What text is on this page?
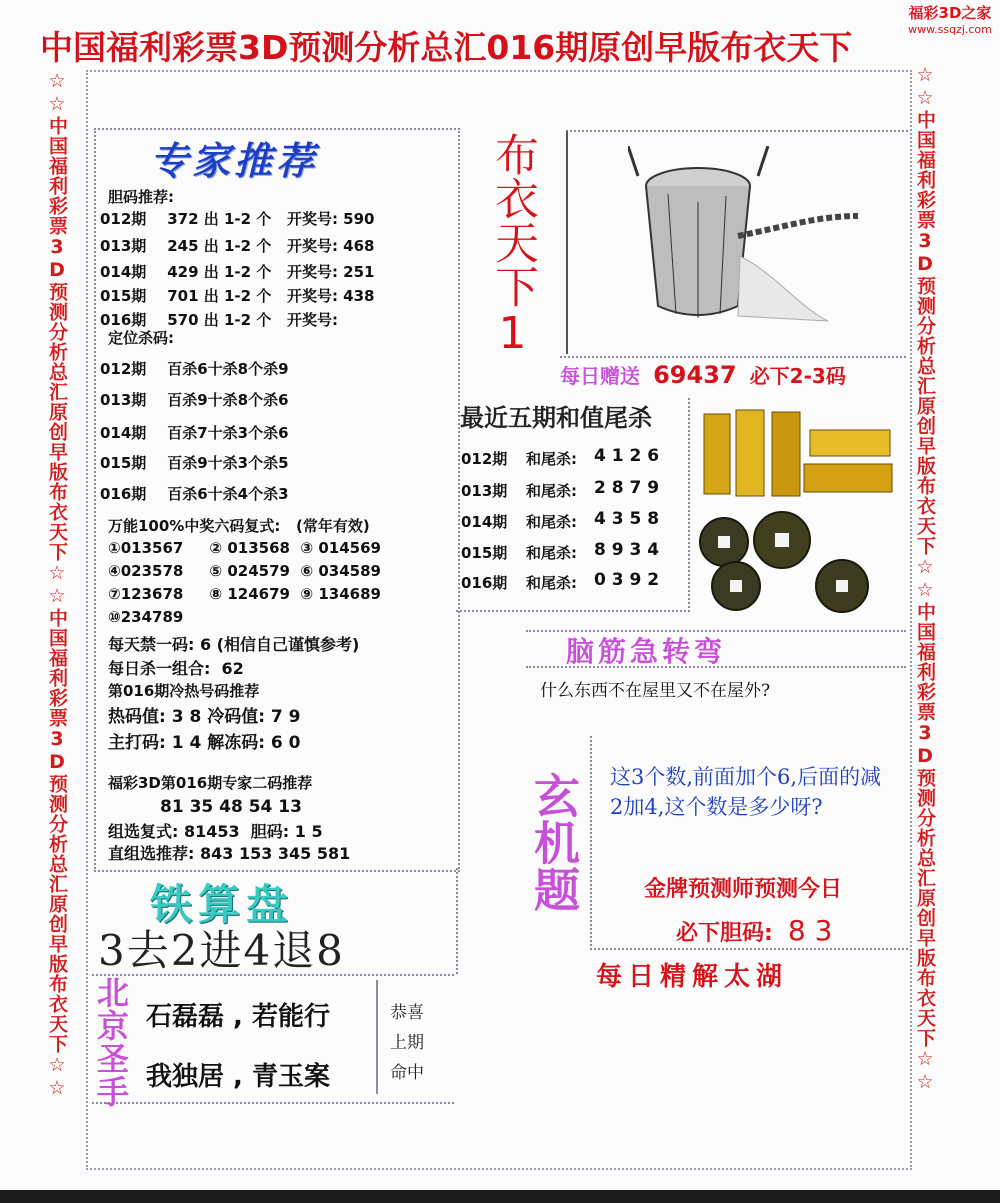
中国福利彩票3D预测分析总汇016期原创早版布衣天下
福彩3D之家
www.ssqzj.com
☆☆中国福利彩票3D预测分析总汇原创早版布衣天下☆☆中国福利彩票3D预测分析总汇原创早版布衣天下☆☆	☆☆中国福利彩票3D预测分析总汇原创早版布衣天下☆☆中国福利彩票3D预测分析总汇原创早版布衣天下☆☆
专家推荐
胆码推荐:
012期    372 出 1-2 个   开奖号: 590
013期    245 出 1-2 个   开奖号: 468
014期    429 出 1-2 个   开奖号: 251
015期    701 出 1-2 个   开奖号: 438
016期    570 出 1-2 个   开奖号:
定位杀码:
012期    百杀6十杀8个杀9
013期    百杀9十杀8个杀6
014期    百杀7十杀3个杀6
015期    百杀9十杀3个杀5
016期    百杀6十杀4个杀3
万能100%中奖六码复式:   (常年有效)
①013567     ② 013568  ③ 014569
④023578     ⑤ 024579  ⑥ 034589
⑦123678     ⑧ 124679  ⑨ 134689
⑩234789
每天禁一码: 6 (相信自己谨慎参考)
每日杀一组合:  62
第016期冷热号码推荐
热码值: 3 8 冷码值: 7 9
主打码: 1 4 解冻码: 6 0
福彩3D第016期专家二码推荐
81 35 48 54 13
组选复式: 81453  胆码: 1 5
直组选推荐: 843 153 345 581
布衣天下1
每日赠送 69437 必下2-3码
最近五期和值尾杀
012期 和尾杀: 4 1 2 6
013期 和尾杀: 2 8 7 9
014期 和尾杀: 4 3 5 8
015期 和尾杀: 8 9 3 4
016期 和尾杀: 0 3 9 2
脑筋急转弯
什么东西不在屋里又不在屋外?
玄机题 这3个数,前面加个6,后面的减2加4,这个数是多少呀?
金牌预测师预测今日
必下胆码: 8 3
每日精解太湖
铁算盘
3去2进4退8
北京圣手 石磊磊 , 若能行
我独居 , 青玉案
恭喜
上期
命中
